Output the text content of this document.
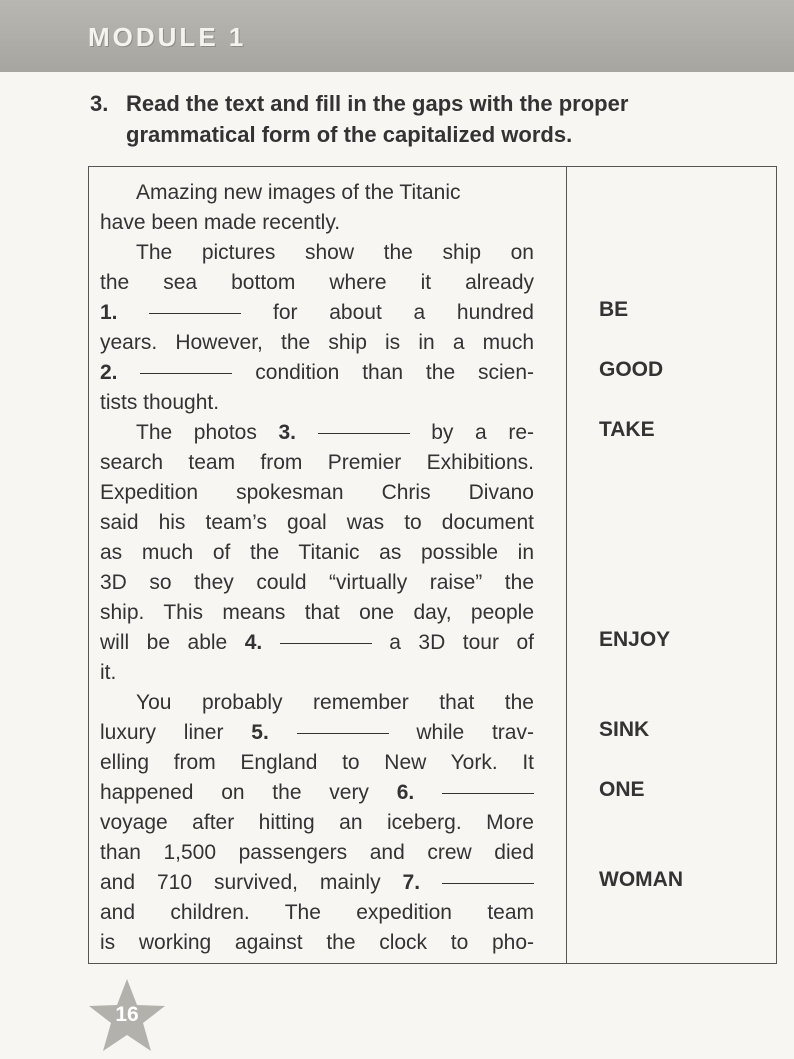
MODULE 1
3. Read the text and fill in the gaps with the proper
grammatical form of the capitalized words.
Amazing new images of the Titanic
have been made recently.
The pictures show the ship on
the sea bottom where it already
1.	for about a hundred
years. However, the ship is in a much
2.	condition than the scien-
tists thought.
The photos 3.	by a re-
search team from Premier Exhibitions.
Expedition spokesman Chris Divano
said his team’s goal was to document
as much of the Titanic as possible in
3D so they could “virtually raise” the
ship. This means that one day, people
will be able 4.	a 3D tour of
it.
You probably remember that the
luxury liner 5.	while trav-
elling from England to New York. It
happened on the very 6.
voyage after hitting an iceberg. More
than 1,500 passengers and crew died
and 710 survived, mainly 7.
and children. The expedition team
is working against the clock to pho-
BE
GOOD
TAKE
ENJOY
SINK
ONE
WOMAN
16
